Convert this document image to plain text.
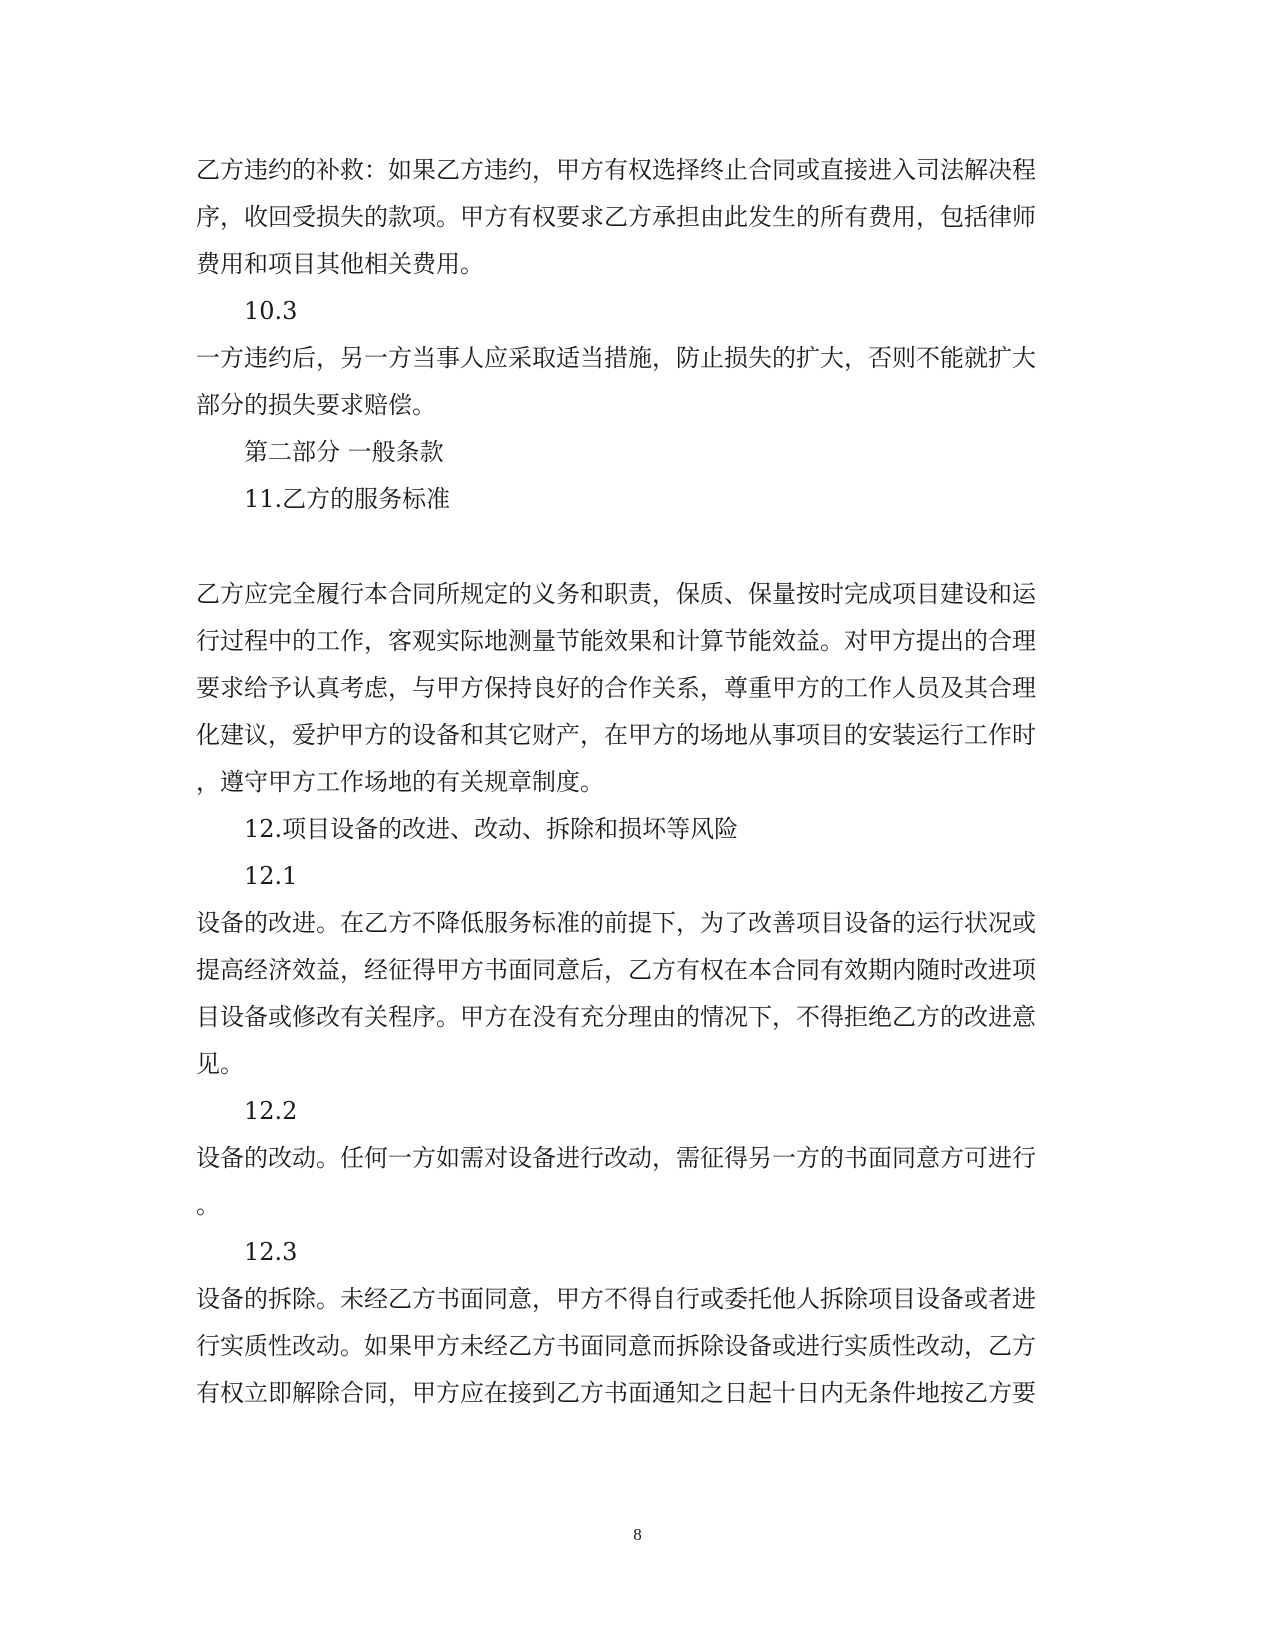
乙方违约的补救：如果乙方违约，甲方有权选择终止合同或直接进入司法解决程
序，收回受损失的款项。甲方有权要求乙方承担由此发生的所有费用，包括律师
费用和项目其他相关费用。
10.3
一方违约后，另一方当事人应采取适当措施，防止损失的扩大，否则不能就扩大
部分的损失要求赔偿。
第二部分 一般条款
11.乙方的服务标准
乙方应完全履行本合同所规定的义务和职责，保质、保量按时完成项目建设和运
行过程中的工作，客观实际地测量节能效果和计算节能效益。对甲方提出的合理
要求给予认真考虑，与甲方保持良好的合作关系，尊重甲方的工作人员及其合理
化建议，爱护甲方的设备和其它财产，在甲方的场地从事项目的安装运行工作时
，遵守甲方工作场地的有关规章制度。
12.项目设备的改进、改动、拆除和损坏等风险
12.1
设备的改进。在乙方不降低服务标准的前提下，为了改善项目设备的运行状况或
提高经济效益，经征得甲方书面同意后，乙方有权在本合同有效期内随时改进项
目设备或修改有关程序。甲方在没有充分理由的情况下，不得拒绝乙方的改进意
见。
12.2
设备的改动。任何一方如需对设备进行改动，需征得另一方的书面同意方可进行
。
12.3
设备的拆除。未经乙方书面同意，甲方不得自行或委托他人拆除项目设备或者进
行实质性改动。如果甲方未经乙方书面同意而拆除设备或进行实质性改动，乙方
有权立即解除合同，甲方应在接到乙方书面通知之日起十日内无条件地按乙方要
8
